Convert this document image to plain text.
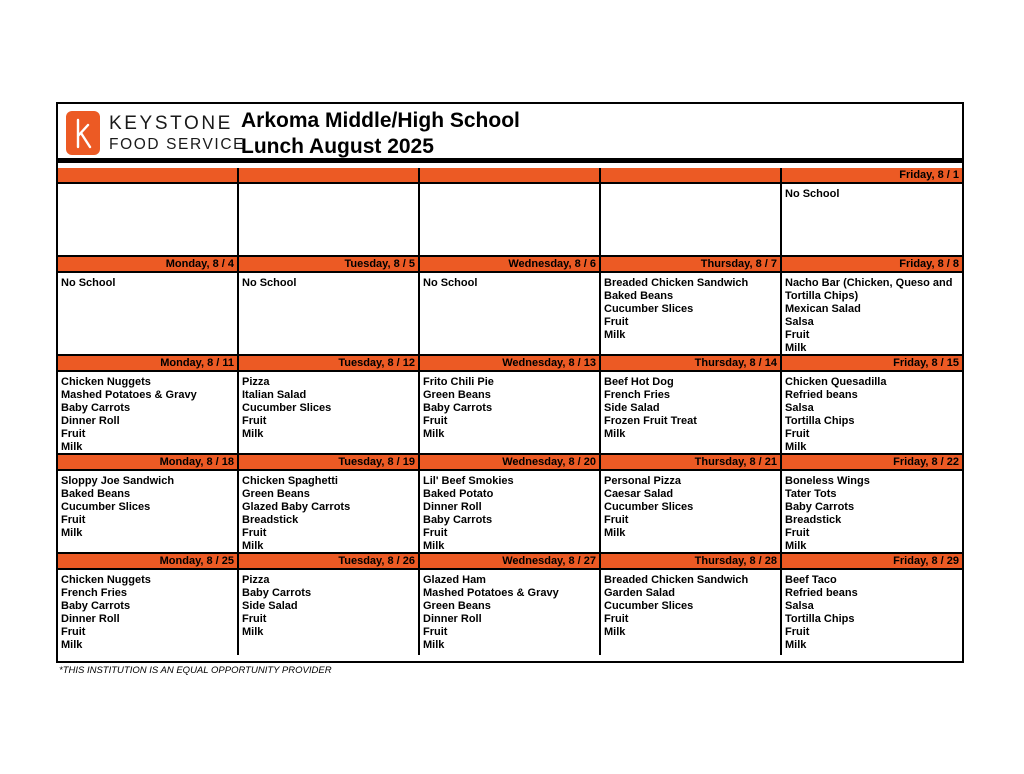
KEYSTONE
FOOD SERVICE
Arkoma Middle/High School
Lunch August 2025
Friday, 8 / 1
No School
Monday, 8 / 4
No School
Tuesday, 8 / 5
No School
Wednesday, 8 / 6
No School
Thursday, 8 / 7
Breaded Chicken Sandwich
Baked Beans
Cucumber Slices
Fruit
Milk
Friday, 8 / 8
Nacho Bar (Chicken, Queso and
Tortilla Chips)
Mexican Salad
Salsa
Fruit
Milk
Monday, 8 / 11
Chicken Nuggets
Mashed Potatoes & Gravy
Baby Carrots
Dinner Roll
Fruit
Milk
Tuesday, 8 / 12
Pizza
Italian Salad
Cucumber Slices
Fruit
Milk
Wednesday, 8 / 13
Frito Chili Pie
Green Beans
Baby Carrots
Fruit
Milk
Thursday, 8 / 14
Beef Hot Dog
French Fries
Side Salad
Frozen Fruit Treat
Milk
Friday, 8 / 15
Chicken Quesadilla
Refried beans
Salsa
Tortilla Chips
Fruit
Milk
Monday, 8 / 18
Sloppy Joe Sandwich
Baked Beans
Cucumber Slices
Fruit
Milk
Tuesday, 8 / 19
Chicken Spaghetti
Green Beans
Glazed Baby Carrots
Breadstick
Fruit
Milk
Wednesday, 8 / 20
Lil' Beef Smokies
Baked Potato
Dinner Roll
Baby Carrots
Fruit
Milk
Thursday, 8 / 21
Personal Pizza
Caesar Salad
Cucumber Slices
Fruit
Milk
Friday, 8 / 22
Boneless Wings
Tater Tots
Baby Carrots
Breadstick
Fruit
Milk
Monday, 8 / 25
Chicken Nuggets
French Fries
Baby Carrots
Dinner Roll
Fruit
Milk
Tuesday, 8 / 26
Pizza
Baby Carrots
Side Salad
Fruit
Milk
Wednesday, 8 / 27
Glazed Ham
Mashed Potatoes & Gravy
Green Beans
Dinner Roll
Fruit
Milk
Thursday, 8 / 28
Breaded Chicken Sandwich
Garden Salad
Cucumber Slices
Fruit
Milk
Friday, 8 / 29
Beef Taco
Refried beans
Salsa
Tortilla Chips
Fruit
Milk
*THIS INSTITUTION IS AN EQUAL OPPORTUNITY PROVIDER
